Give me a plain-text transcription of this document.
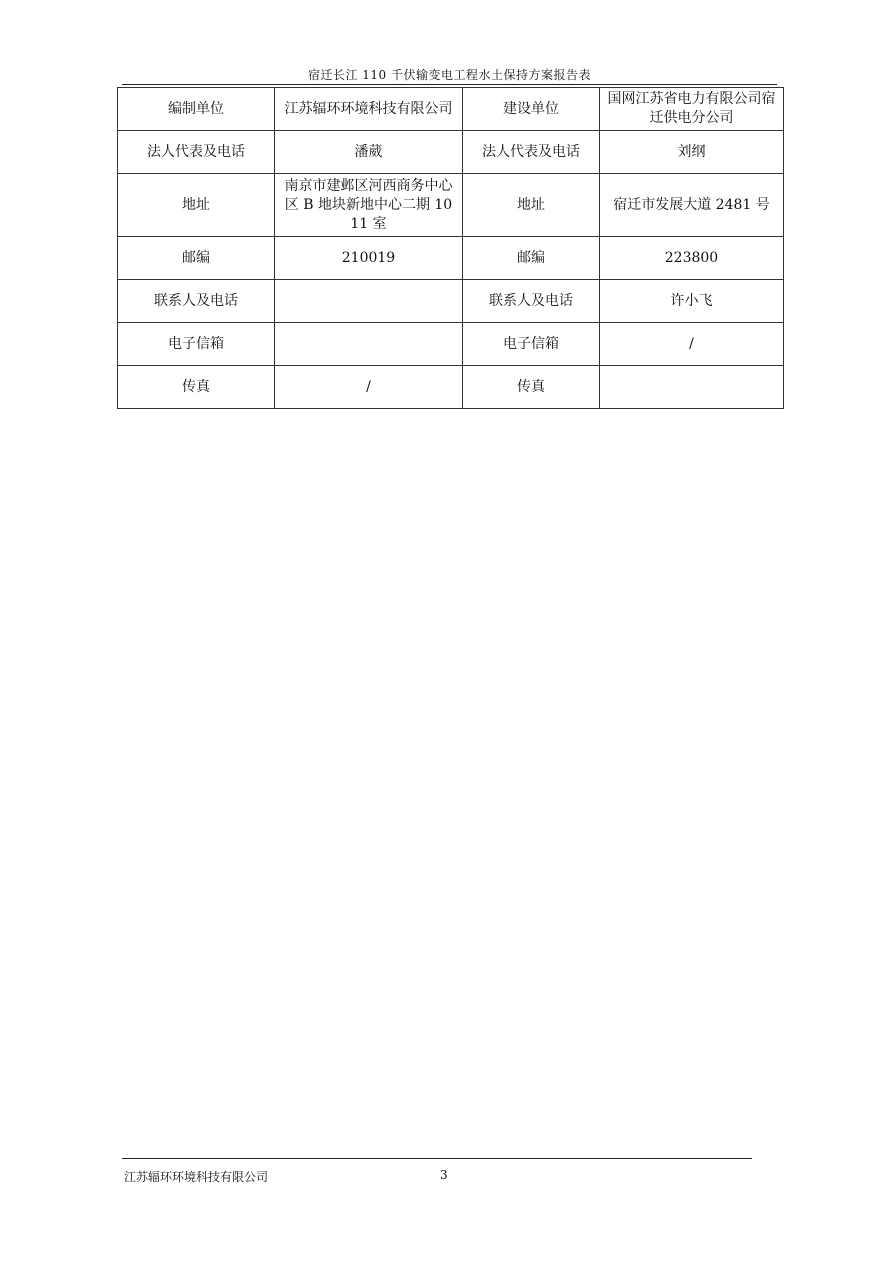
宿迁长江 110 千伏输变电工程水土保持方案报告表
编制单位	江苏辐环环境科技有限公司	建设单位	国网江苏省电力有限公司宿迁供电分公司
法人代表及电话	潘葳	法人代表及电话	刘纲
地址	南京市建邺区河西商务中心区 B 地块新地中心二期 1011 室	地址	宿迁市发展大道 2481 号
邮编	210019	邮编	223800
联系人及电话		联系人及电话	许小飞
电子信箱		电子信箱	/
传真	/	传真	
江苏辐环环境科技有限公司	3
